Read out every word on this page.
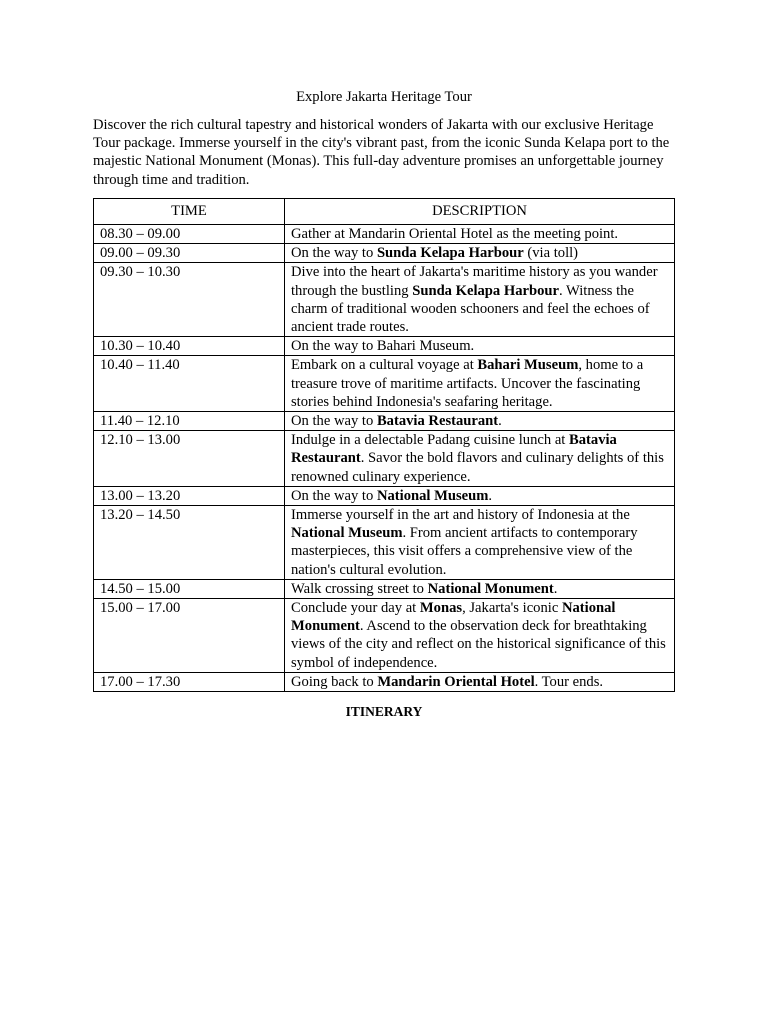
Explore Jakarta Heritage Tour

Discover the rich cultural tapestry and historical wonders of Jakarta with our exclusive Heritage Tour package. Immerse yourself in the city's vibrant past, from the iconic Sunda Kelapa port to the majestic National Monument (Monas). This full-day adventure promises an unforgettable journey through time and tradition.

TIME	DESCRIPTION
08.30 – 09.00	Gather at Mandarin Oriental Hotel as the meeting point.
09.00 – 09.30	On the way to Sunda Kelapa Harbour (via toll)
09.30 – 10.30	Dive into the heart of Jakarta's maritime history as you wander through the bustling Sunda Kelapa Harbour. Witness the charm of traditional wooden schooners and feel the echoes of ancient trade routes.
10.30 – 10.40	On the way to Bahari Museum.
10.40 – 11.40	Embark on a cultural voyage at Bahari Museum, home to a treasure trove of maritime artifacts. Uncover the fascinating stories behind Indonesia's seafaring heritage.
11.40 – 12.10	On the way to Batavia Restaurant.
12.10 – 13.00	Indulge in a delectable Padang cuisine lunch at Batavia Restaurant. Savor the bold flavors and culinary delights of this renowned culinary experience.
13.00 – 13.20	On the way to National Museum.
13.20 – 14.50	Immerse yourself in the art and history of Indonesia at the National Museum. From ancient artifacts to contemporary masterpieces, this visit offers a comprehensive view of the nation's cultural evolution.
14.50 – 15.00	Walk crossing street to National Monument.
15.00 – 17.00	Conclude your day at Monas, Jakarta's iconic National Monument. Ascend to the observation deck for breathtaking views of the city and reflect on the historical significance of this symbol of independence.
17.00 – 17.30	Going back to Mandarin Oriental Hotel. Tour ends.
ITINERARY
